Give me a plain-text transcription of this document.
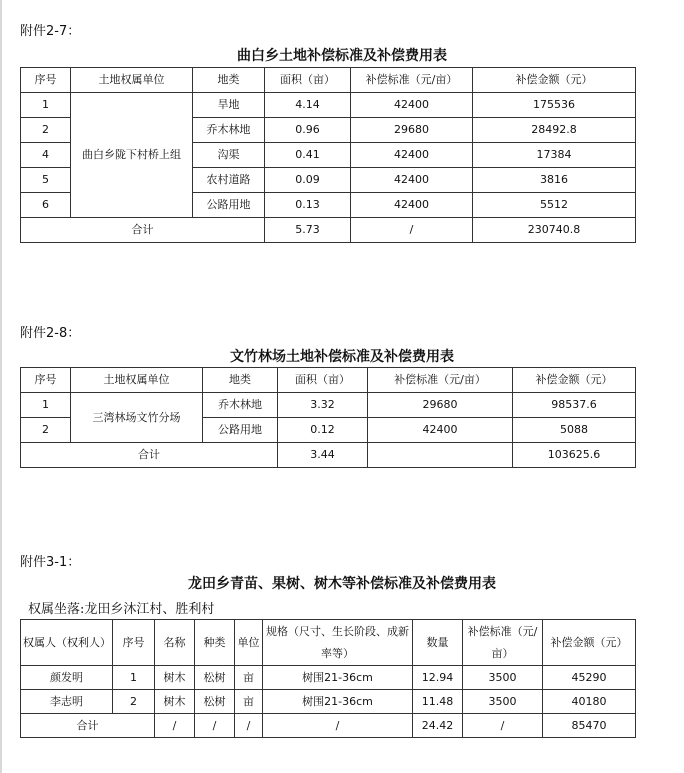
附件2-7：
曲白乡土地补偿标准及补偿费用表
序号	土地权属单位	地类	面积（亩）	补偿标准（元/亩）	补偿金额（元）
1	曲白乡陇下村桥上组	旱地	4.14	42400	175536
2		乔木林地	0.96	29680	28492.8
4		沟渠	0.41	42400	17384
5		农村道路	0.09	42400	3816
6		公路用地	0.13	42400	5512
合计			5.73	/	230740.8
附件2-8：
文竹林场土地补偿标准及补偿费用表
序号	土地权属单位	地类	面积（亩）	补偿标准（元/亩）	补偿金额（元）
1	三湾林场文竹分场	乔木林地	3.32	29680	98537.6
2		公路用地	0.12	42400	5088
合计			3.44		103625.6
附件3-1：
龙田乡青苗、果树、树木等补偿标准及补偿费用表
权属坐落:龙田乡沐江村、胜利村
权属人（权利人）	序号	名称	种类	单位	规格（尺寸、生长阶段、成新率等）	数量	补偿标准（元/亩）	补偿金额（元）
颜发明	1	树木	松树	亩	树围21-36cm	12.94	3500	45290
李志明	2	树木	松树	亩	树围21-36cm	11.48	3500	40180
合计		/	/	/	/	24.42	/	85470
